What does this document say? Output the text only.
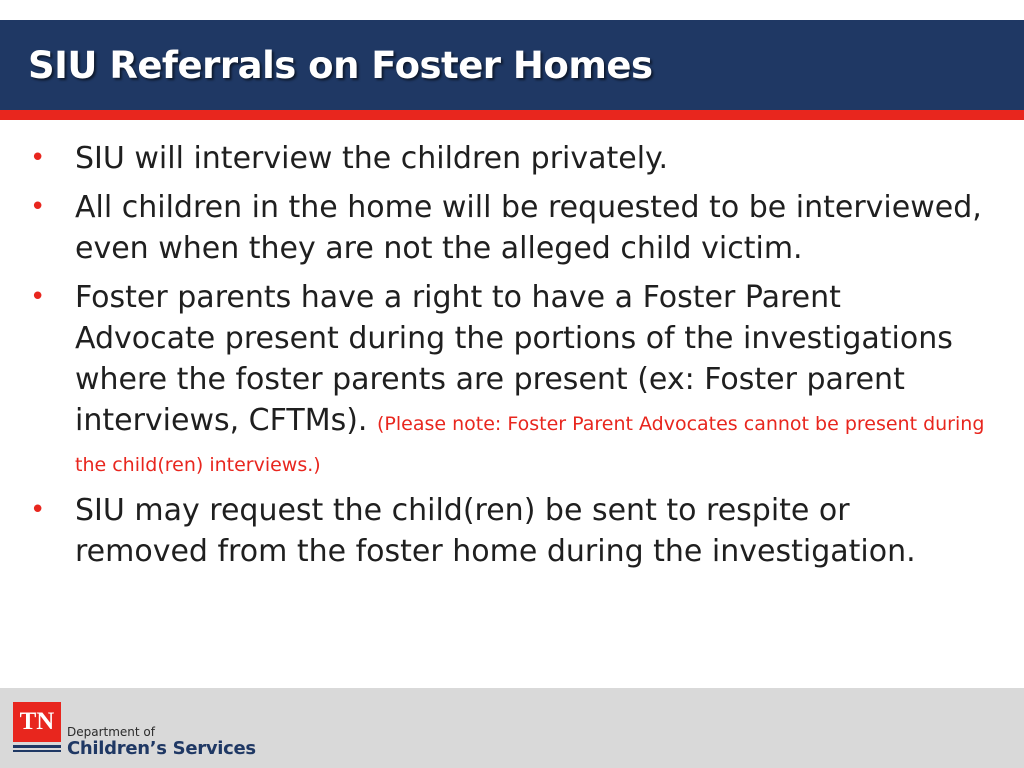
SIU Referrals on Foster Homes
• SIU will interview the children privately.
• All children in the home will be requested to be interviewed, even when they are not the alleged child victim.
• Foster parents have a right to have a Foster Parent Advocate present during the portions of the investigations where the foster parents are present (ex: Foster parent interviews, CFTMs). (Please note: Foster Parent Advocates cannot be present during the child(ren) interviews.)
• SIU may request the child(ren) be sent to respite or removed from the foster home during the investigation.
TN	Department of
Children’s Services
